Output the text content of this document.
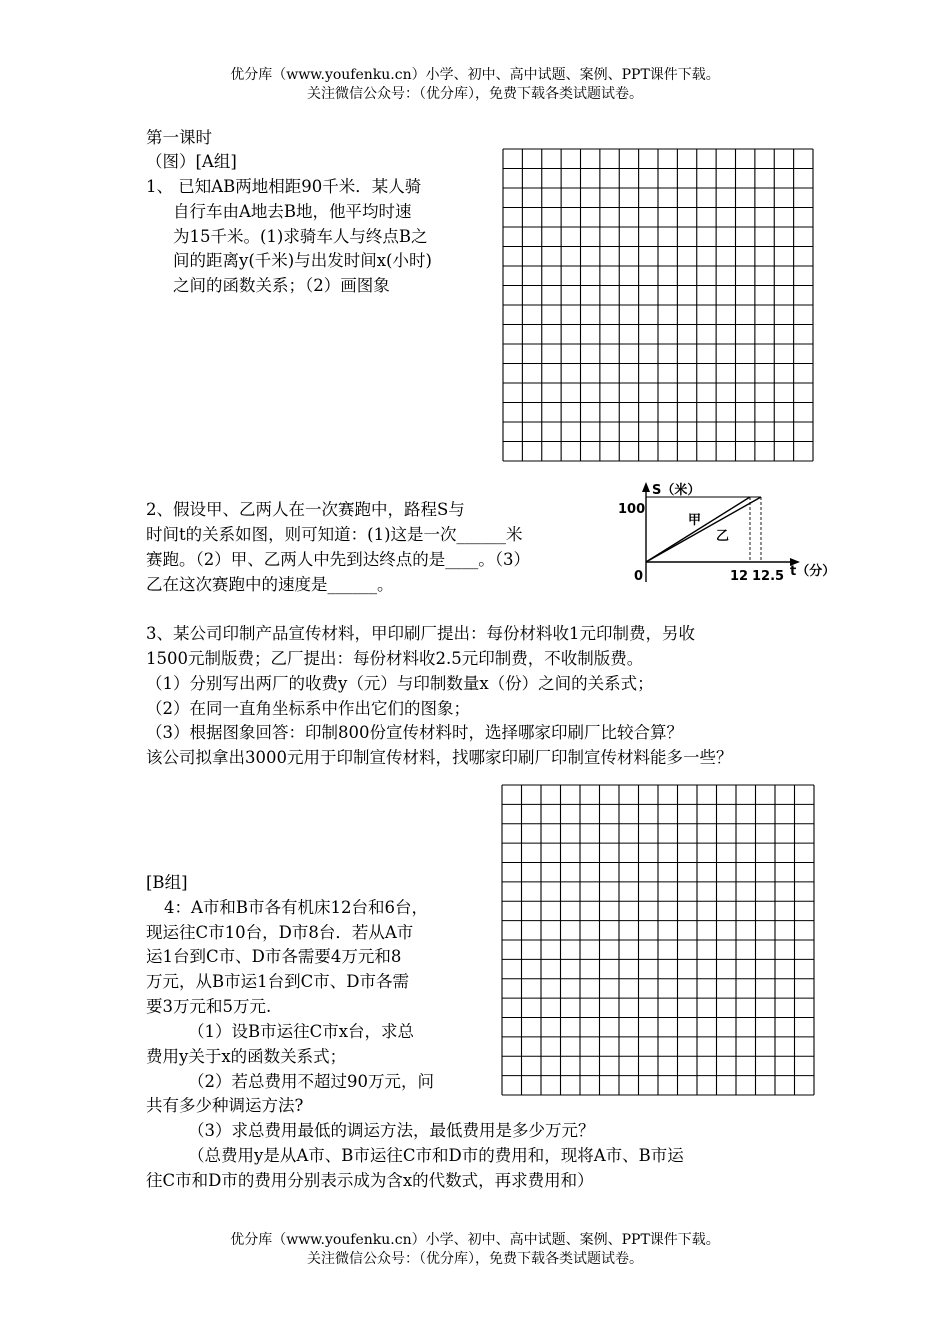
优分库（www.youfenku.cn）小学、初中、高中试题、案例、PPT课件下载。
关注微信公众号：（优分库），免费下载各类试题试卷。
第一课时
（图）[A组]
1、 已知AB两地相距90千米．某人骑
自行车由A地去B地，他平均时速
为15千米。(1)求骑车人与终点B之
间的距离y(千米)与出发时间x(小时)
之间的函数关系；（2）画图象
2、假设甲、乙两人在一次赛跑中，路程S与
时间t的关系如图，则可知道：(1)这是一次______米
赛跑。（2）甲、乙两人中先到达终点的是____。（3）
乙在这次赛跑中的速度是______。
S（米）
100
0	12 12.5 t（分）
甲
乙
3、某公司印制产品宣传材料，甲印刷厂提出：每份材料收1元印制费，另收
1500元制版费；乙厂提出：每份材料收2.5元印制费，不收制版费。
（1）分别写出两厂的收费y（元）与印制数量x（份）之间的关系式；
（2）在同一直角坐标系中作出它们的图象；
（3）根据图象回答：印制800份宣传材料时，选择哪家印刷厂比较合算？
该公司拟拿出3000元用于印制宣传材料，找哪家印刷厂印制宣传材料能多一些？
[B组]
4：A市和B市各有机床12台和6台，
现运往C市10台，D市8台．若从A市
运1台到C市、D市各需要4万元和8
万元，从B市运1台到C市、D市各需
要3万元和5万元.
（1）设B市运往C市x台，求总
费用y关于x的函数关系式；
（2）若总费用不超过90万元，问
共有多少种调运方法?
（3）求总费用最低的调运方法，最低费用是多少万元？
（总费用y是从A市、B市运往C市和D市的费用和，现将A市、B市运
往C市和D市的费用分别表示成为含x的代数式，再求费用和）
优分库（www.youfenku.cn）小学、初中、高中试题、案例、PPT课件下载。
关注微信公众号：（优分库），免费下载各类试题试卷。
